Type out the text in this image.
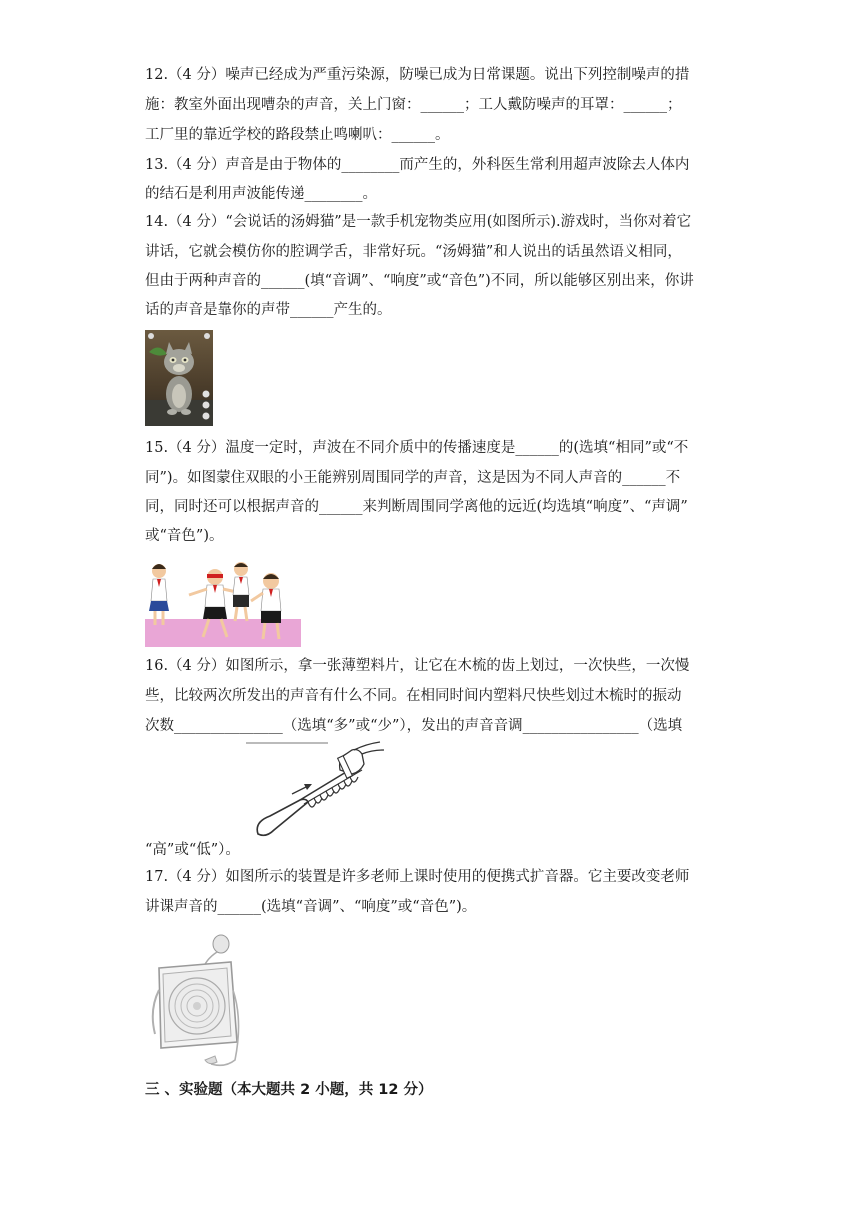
12.（4 分）噪声已经成为严重污染源，防噪已成为日常课题。说出下列控制噪声的措
施：教室外面出现嘈杂的声音，关上门窗：______；工人戴防噪声的耳罩：______；
工厂里的靠近学校的路段禁止鸣喇叭：______。
13.（4 分）声音是由于物体的________而产生的，外科医生常利用超声波除去人体内
的结石是利用声波能传递________。
14.（4 分）“会说话的汤姆猫”是一款手机宠物类应用(如图所示).游戏时，当你对着它
讲话，它就会模仿你的腔调学舌，非常好玩。“汤姆猫”和人说出的话虽然语义相同，
但由于两种声音的______(填“音调”、“响度”或“音色”)不同，所以能够区别出来，你讲
话的声音是靠你的声带______产生的。
15.（4 分）温度一定时，声波在不同介质中的传播速度是______的(选填“相同”或“不
同”)。如图蒙住双眼的小王能辨别周围同学的声音，这是因为不同人声音的______不
同，同时还可以根据声音的______来判断周围同学离他的远近(均选填“响度”、“声调”
或“音色”)。
16.（4 分）如图所示，拿一张薄塑料片，让它在木梳的齿上划过，一次快些，一次慢
些，比较两次所发出的声音有什么不同。在相同时间内塑料尺快些划过木梳时的振动
次数_______________（选填“多”或“少”），发出的声音音调________________（选填
“高”或“低”）。
17.（4 分）如图所示的装置是许多老师上课时使用的便携式扩音器。它主要改变老师
讲课声音的______(选填“音调”、“响度”或“音色”)。
三 、实验题（本大题共 2 小题，共 12 分）
